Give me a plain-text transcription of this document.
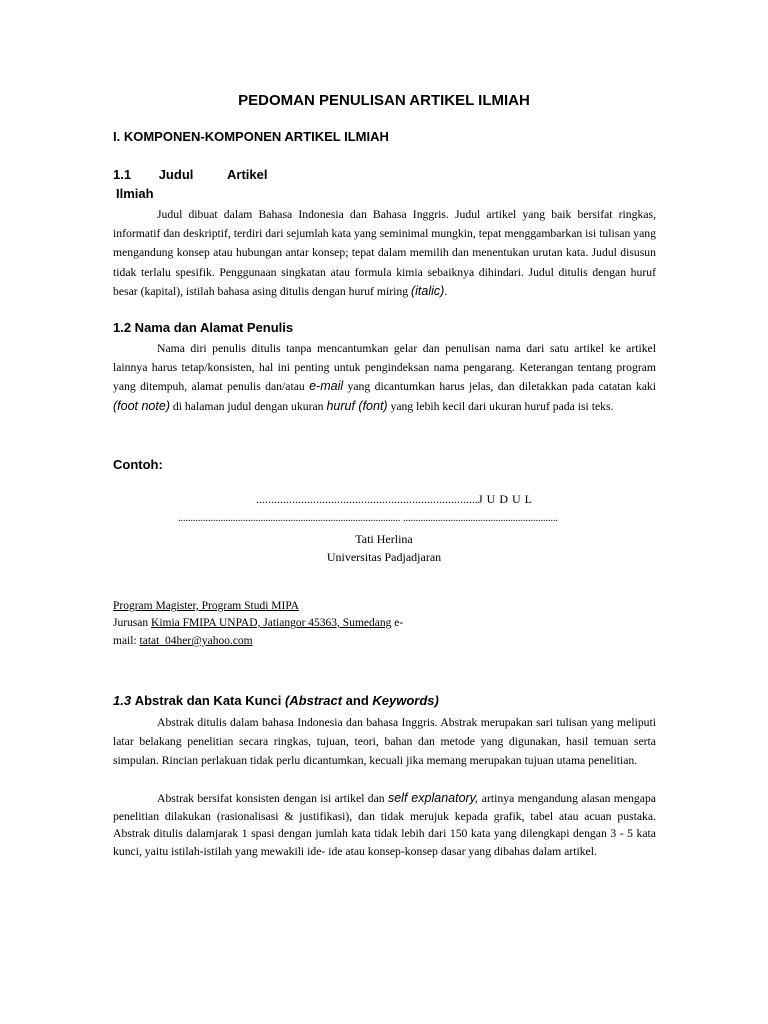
PEDOMAN PENULISAN ARTIKEL ILMIAH
I. KOMPONEN-KOMPONEN ARTIKEL ILMIAH
1.1 Judul	Artikel
Ilmiah

Judul dibuat dalam Bahasa Indonesia dan Bahasa Inggris. Judul artikel yang baik bersifat ringkas, informatif dan deskriptif, terdiri dari sejumlah kata yang seminimal mungkin, tepat menggambarkan isi tulisan yang mengandung konsep atau hubungan antar konsep; tepat dalam memilih dan menentukan urutan kata. Judul disusun tidak terlalu spesifik. Penggunaan singkatan atau formula kimia sebaiknya dihindari. Judul ditulis dengan huruf besar (kapital), istilah bahasa asing ditulis dengan huruf miring (italic).

1.2 Nama dan Alamat Penulis

Nama diri penulis ditulis tanpa mencantumkan gelar dan penulisan nama dari satu artikel ke artikel lainnya harus tetap/konsisten, hal ini penting untuk pengindeksan nama pengarang. Keterangan tentang program yang ditempuh, alamat penulis dan/atau e-mail yang dicantumkan harus jelas, dan diletakkan pada catatan kaki (foot note) di halaman judul dengan ukuran huruf (font) yang lebih kecil dari ukuran huruf pada isi teks.

Contoh:
..........................................................................J U D U L
......................................................................................... ..............................................................
Tati Herlina
Universitas Padjadjaran
Program Magister, Program Studi MIPA
Jurusan Kimia FMIPA UNPAD, Jatiangor 45363, Sumedang e-
mail: tatat_04her@yahoo.com
1.3 Abstrak dan Kata Kunci (Abstract and Keywords)

Abstrak ditulis dalam bahasa Indonesia dan bahasa Inggris. Abstrak merupakan sari tulisan yang meliputi latar belakang penelitian secara ringkas, tujuan, teori, bahan dan metode yang digunakan, hasil temuan serta simpulan. Rincian perlakuan tidak perlu dicantumkan, kecuali jika memang merupakan tujuan utama penelitian.

Abstrak bersifat konsisten dengan isi artikel dan self explanatory, artinya mengandung alasan mengapa penelitian dilakukan (rasionalisasi & justifikasi), dan tidak merujuk kepada grafik, tabel atau acuan pustaka. Abstrak ditulis dalamjarak 1 spasi dengan jumlah kata tidak lebih dari 150 kata yang dilengkapi dengan 3 - 5 kata kunci, yaitu istilah-istilah yang mewakili ide- ide atau konsep-konsep dasar yang dibahas dalam artikel.
